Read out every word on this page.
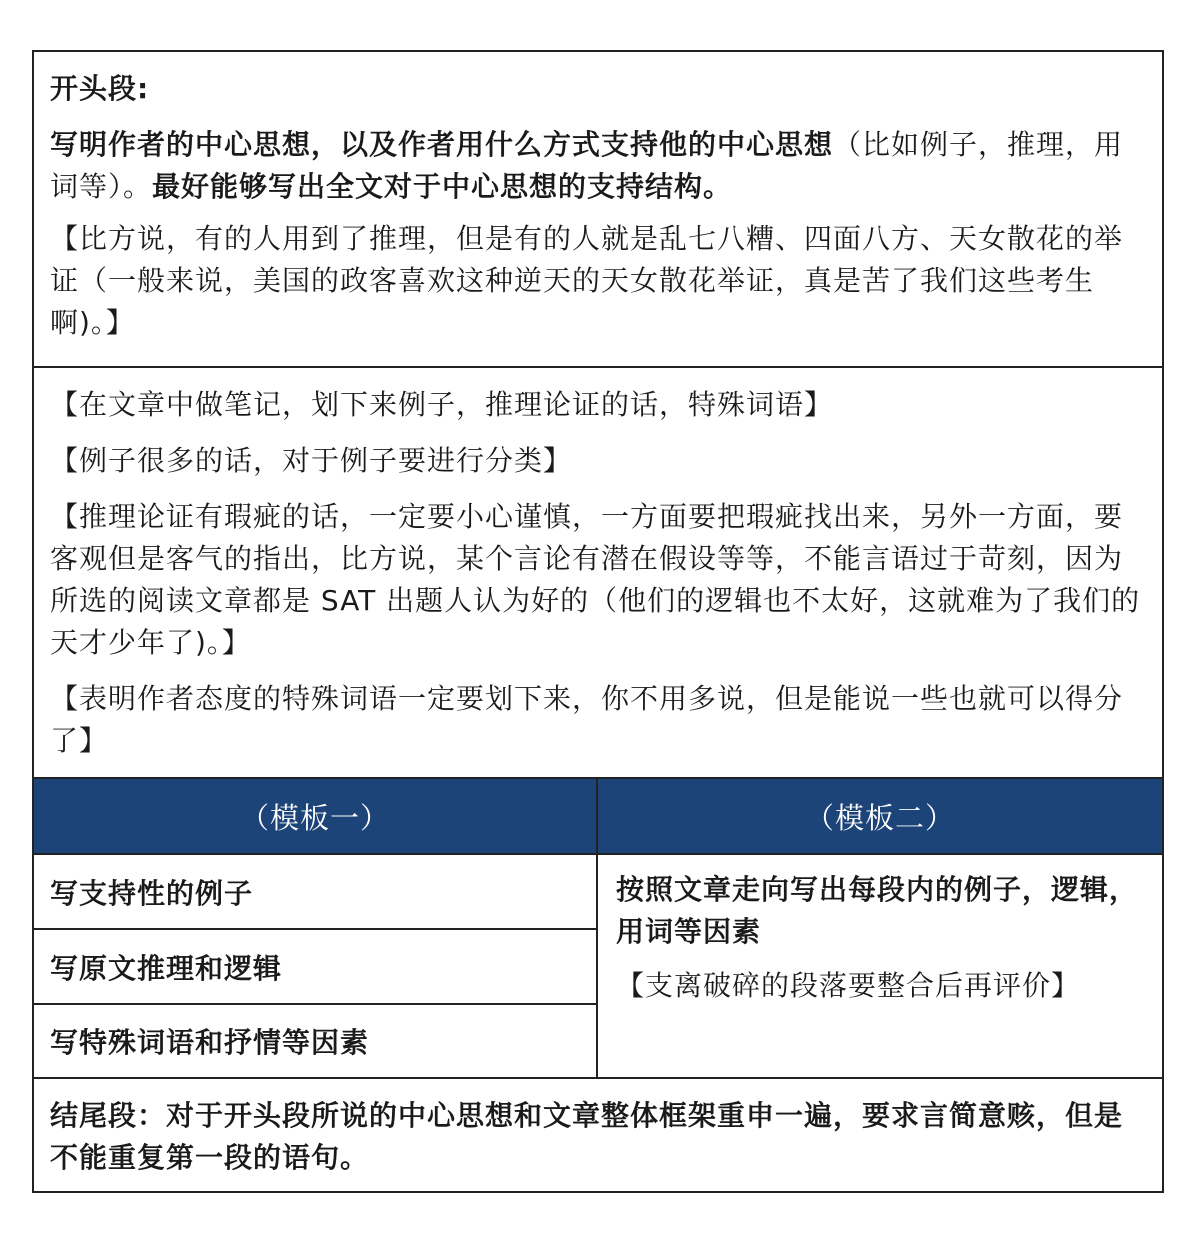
开头段:

写明作者的中心思想，以及作者用什么方式支持他的中心思想（比如例子，推理，用词等）。最好能够写出全文对于中心思想的支持结构。

【比方说，有的人用到了推理，但是有的人就是乱七八糟、四面八方、天女散花的举证（一般来说，美国的政客喜欢这种逆天的天女散花举证，真是苦了我们这些考生啊)。】

【在文章中做笔记，划下来例子，推理论证的话，特殊词语】

【例子很多的话，对于例子要进行分类】

【推理论证有瑕疵的话，一定要小心谨慎，一方面要把瑕疵找出来，另外一方面，要客观但是客气的指出，比方说，某个言论有潜在假设等等，不能言语过于苛刻，因为所选的阅读文章都是 SAT 出题人认为好的（他们的逻辑也不太好，这就难为了我们的天才少年了)。】

【表明作者态度的特殊词语一定要划下来，你不用多说，但是能说一些也就可以得分了】

（模板一）
写支持性的例子
写原文推理和逻辑
写特殊词语和抒情等因素
（模板二）

按照文章走向写出每段内的例子，逻辑，用词等因素

【支离破碎的段落要整合后再评价】

结尾段：对于开头段所说的中心思想和文章整体框架重申一遍，要求言简意赅，但是不能重复第一段的语句。
